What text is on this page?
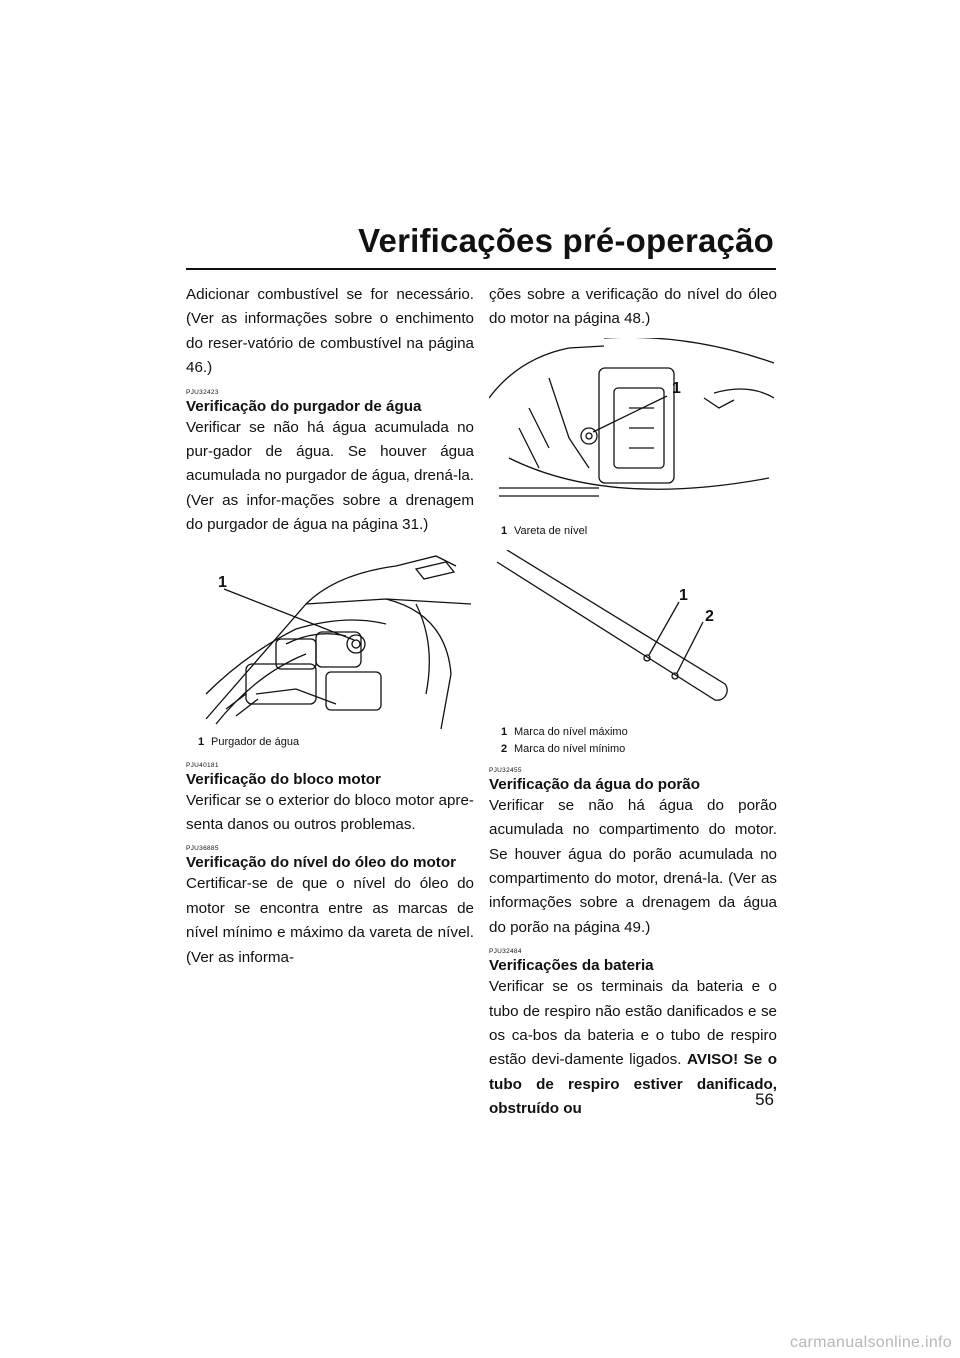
Verificações pré-operação

Adicionar combustível se for necessário. (Ver as informações sobre o enchimento do reser-vatório de combustível na página 46.)

PJU32423
Verificação do purgador de água

Verificar se não há água acumulada no pur-gador de água. Se houver água acumulada no purgador de água, drená-la. (Ver as infor-mações sobre a drenagem do purgador de água na página 31.)

1
1 Purgador de água
PJU40181
Verificação do bloco motor

Verificar se o exterior do bloco motor apre-senta danos ou outros problemas.

PJU36885
Verificação do nível do óleo do motor

Certificar-se de que o nível do óleo do motor se encontra entre as marcas de nível mínimo e máximo da vareta de nível. (Ver as informa-

ções sobre a verificação do nível do óleo do motor na página 48.)

1
1 Vareta de nível
1
2
1 Marca do nível máximo
2 Marca do nível mínimo
PJU32455
Verificação da água do porão

Verificar se não há água do porão acumulada no compartimento do motor. Se houver água do porão acumulada no compartimento do motor, drená-la. (Ver as informações sobre a drenagem da água do porão na página 49.)

PJU32484
Verificações da bateria

Verificar se os terminais da bateria e o tubo de respiro não estão danificados e se os ca-bos da bateria e o tubo de respiro estão devi-damente ligados. AVISO! Se o tubo de respiro estiver danificado, obstruído ou	56
carmanualsonline.info
